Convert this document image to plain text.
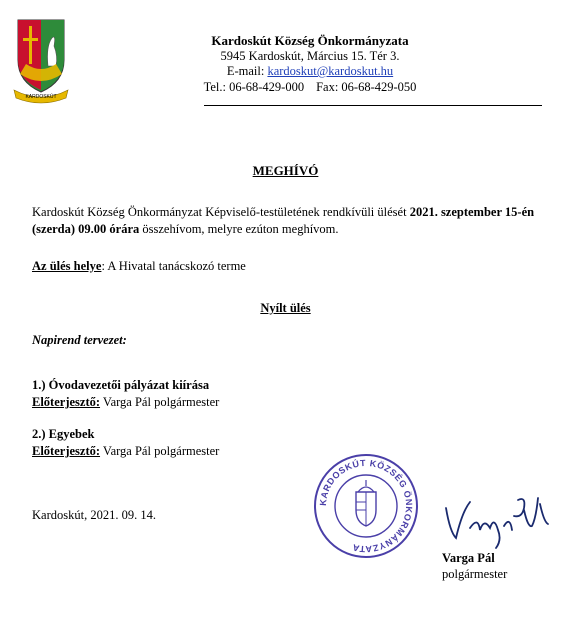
KARDOSKÚT
Kardoskút Község Önkormányzata
5945 Kardoskút, Március 15. Tér 3.
E-mail: kardoskut@kardoskut.hu
Tel.: 06-68-429-000 Fax: 06-68-429-050
MEGHÍVÓ
Kardoskút Község Önkormányzat Képviselő-testületének rendkívüli ülését 2021. szeptember 15-én (szerda) 09.00 órára összehívom, melyre ezúton meghívom.
Az ülés helye: A Hivatal tanácskozó terme
Nyílt ülés
Napirend tervezet:
1.) Óvodavezetői pályázat kiírása
Előterjesztő: Varga Pál polgármester
2.) Egyebek
Előterjesztő: Varga Pál polgármester
Kardoskút, 2021. 09. 14.
KARDOSKÚT KÖZSÉG ÖNKORMÁNYZATA
Varga Pál
polgármester
